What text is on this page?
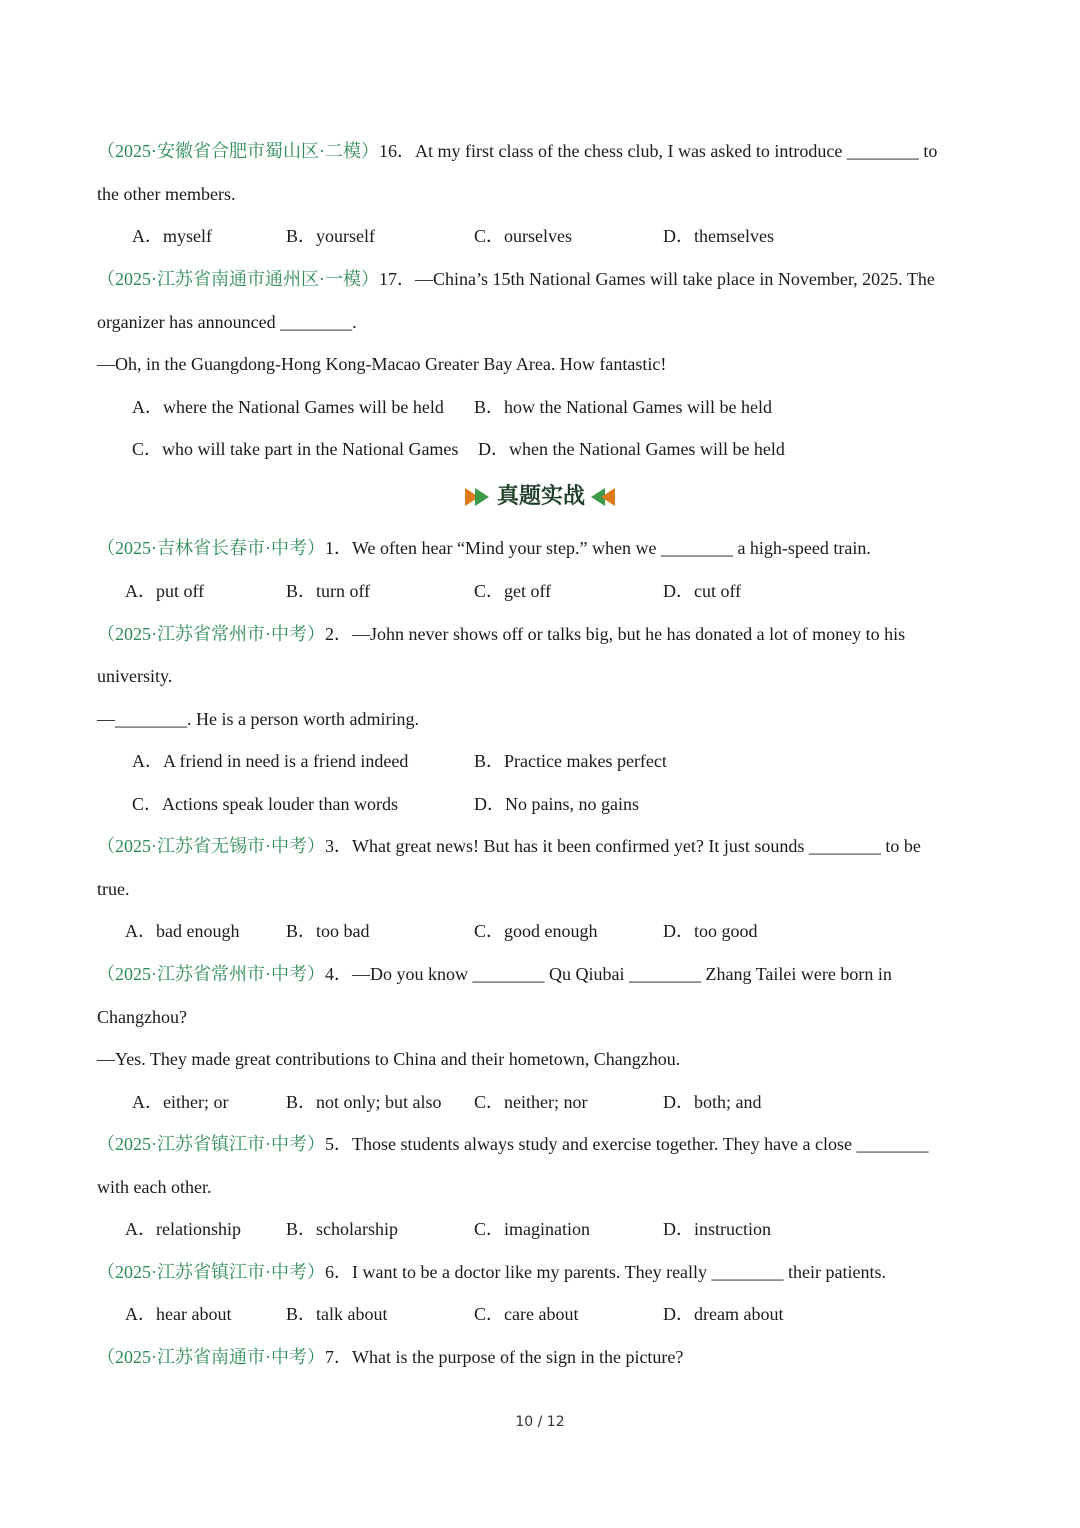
（2025·安徽省合肥市蜀山区·二模）16．At my first class of the chess club, I was asked to introduce ________ to
the other members.
A．myself	B．yourself	C．ourselves	D．themselves
（2025·江苏省南通市通州区·一模）17．—China’s 15th National Games will take place in November, 2025. The
organizer has announced ________.
—Oh, in the Guangdong-Hong Kong-Macao Greater Bay Area. How fantastic!
A．where the National Games will be held B．how the National Games will be held
C．who will take part in the National Games D．when the National Games will be held
真题实战
（2025·吉林省长春市·中考）1．We often hear “Mind your step.” when we ________ a high-speed train.
A．put off	B．turn off	C．get off	D．cut off
（2025·江苏省常州市·中考）2．—John never shows off or talks big, but he has donated a lot of money to his
university.
—________. He is a person worth admiring.
A．A friend in need is a friend indeed	B．Practice makes perfect
C．Actions speak louder than words	D．No pains, no gains
（2025·江苏省无锡市·中考）3．What great news! But has it been confirmed yet? It just sounds ________ to be
true.
A．bad enough	B．too bad	C．good enough	D．too good
（2025·江苏省常州市·中考）4．—Do you know ________ Qu Qiubai ________ Zhang Tailei were born in
Changzhou?
—Yes. They made great contributions to China and their hometown, Changzhou.
A．either; or	B．not only; but also C．neither; nor	D．both; and
（2025·江苏省镇江市·中考）5．Those students always study and exercise together. They have a close ________
with each other.
A．relationship	B．scholarship	C．imagination	D．instruction
（2025·江苏省镇江市·中考）6．I want to be a doctor like my parents. They really ________ their patients.
A．hear about	B．talk about	C．care about	D．dream about
（2025·江苏省南通市·中考）7．What is the purpose of the sign in the picture?
10 / 12
